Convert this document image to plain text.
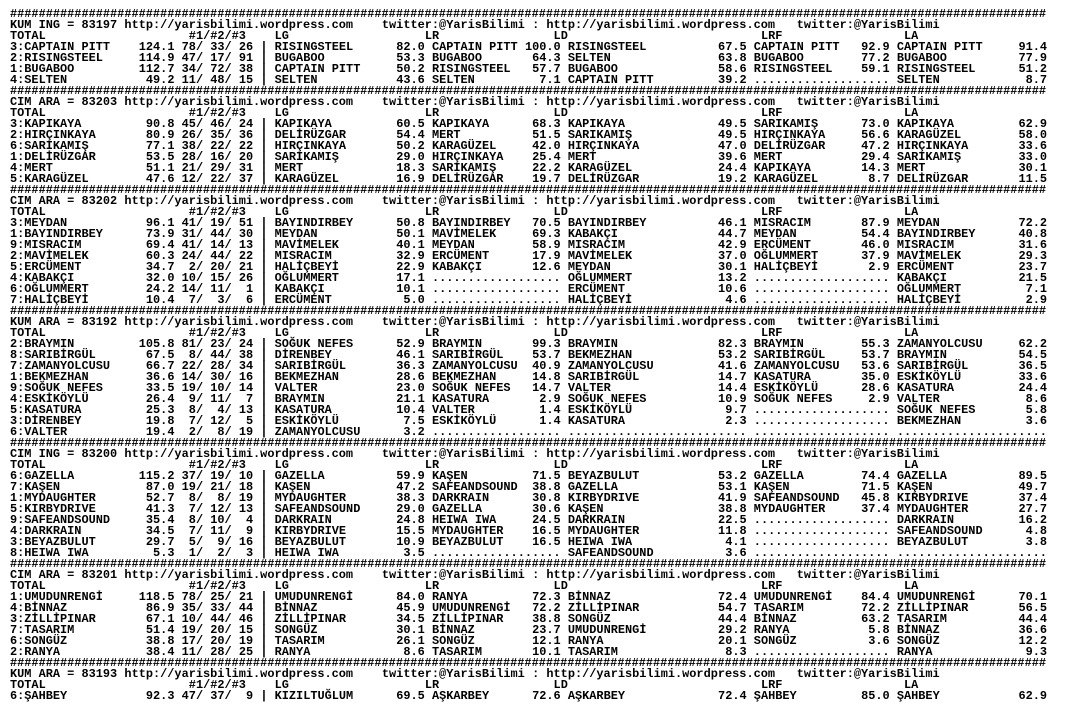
#################################################################################################################################################
KUM ING = 83197 http://yarisbilimi.wordpress.com twitter:@YarisBilimi : http://yarisbilimi.wordpress.com twitter:@YarisBilimi
TOTAL	#1/#2/#3 LG	LR	LD	LRF	LA
3:CAPTAIN PITT	124.1 78 /	33 /	26 | RISINGSTEEL	82.0 CAPTAIN PITT 100.0 RISINGSTEEL	67.5 CAPTAIN PITT	92.9 CAPTAIN PITT	91.4
2:RISINGSTEEL	114.9 47 /	17 /	91 | BUGABOO	53.3 BUGABOO	64.3 SELTEN	63.8 BUGABOO	77.2 BUGABOO	77.9
1:BUGABOO	112.7 34 /	72 /	38 | CAPTAIN PITT	50.2 RISINGSTEEL	57.7 BUGABOO	58.6 RISINGSTEEL	59.1 RISINGSTEEL	51.2
4:SELTEN	49.2 11 /	48 /	15 | SELTEN	43.6 SELTEN	7.1 CAPTAIN PITT	39.2 ................... SELTEN	8.7
#################################################################################################################################################
CIM ARA = 83203 http://yarisbilimi.wordpress.com twitter:@YarisBilimi : http://yarisbilimi.wordpress.com twitter:@YarisBilimi
TOTAL	#1/#2/#3 LG	LR	LD	LRF	LA
3:KAPIKAYA	90.8 45 /	46 /	24 | KAPIKAYA	60.5 KAPIKAYA	68.3 KAPIKAYA	49.5 SARIKAMIŞ	73.0 KAPIKAYA	62.9
2:HIRÇINKAYA	80.9 26 /	35 /	36 | DELİRÜZGAR	54.4 MERT	51.5 SARIKAMIŞ	49.5 HIRÇINKAYA	56.6 KARAGÜZEL	58.0
6:SARIKAMIŞ	77.1 38 /	22 /	22 | HIRÇINKAYA	50.2 KARAGÜZEL	42.0 HIRÇINKAYA	47.0 DELİRÜZGAR	47.2 HIRÇINKAYA	33.6
1:DELİRÜZGAR	53.5 28 /	16 /	20 | SARIKAMIŞ	29.0 HIRÇINKAYA	25.4 MERT	39.6 MERT	29.4 SARIKAMIŞ	33.0
4:MERT	51.1 21 /	29 /	31 | MERT	18.3 SARIKAMIŞ	22.2 KARAGÜZEL	24.4 KAPIKAYA	14.3 MERT	30.1
5:KARAGÜZEL	47.6 12 /	22 /	37 | KARAGÜZEL	16.9 DELİRÜZGAR	19.7 DELİRÜZGAR	19.2 KARAGÜZEL	8.7 DELİRÜZGAR	11.5
#################################################################################################################################################
CIM ARA = 83202 http://yarisbilimi.wordpress.com twitter:@YarisBilimi : http://yarisbilimi.wordpress.com twitter:@YarisBilimi
TOTAL	#1/#2/#3 LG	LR	LD	LRF	LA
3:MEYDAN	96.1 41 /	19 /	51 | BAYINDIRBEY	50.8 BAYINDIRBEY	70.5 BAYINDIRBEY	46.1 MISRACIM	87.9 MEYDAN	72.2
1:BAYINDIRBEY	73.9 31 /	44 /	30 | MEYDAN	50.1 MAVİMELEK	69.3 KABAKÇI	44.7 MEYDAN	54.4 BAYINDIRBEY	40.8
9:MISRACIM	69.4 41 /	14 /	13 | MAVİMELEK	40.1 MEYDAN	58.9 MISRACIM	42.9 ERCÜMENT	46.0 MISRACIM	31.6
2:MAVİMELEK	60.3 24 /	44 /	22 | MISRACIM	32.9 ERCÜMENT	17.9 MAVİMELEK	37.0 OĞLUMMERT	37.9 MAVİMELEK	29.3
5:ERCÜMENT	34.7	2 /	20 /	21 | HALİÇBEYİ	22.9 KABAKÇI	12.6 MEYDAN	30.1 HALİÇBEYİ	2.9 ERCÜMENT	23.7
4:KABAKÇI	32.0 10 /	15 /	26 | OĞLUMMERT	17.1 .................. OĞLUMMERT	13.2 ................... KABAKÇI	21.5
6:OĞLUMMERT	24.2 14 /	11 /	1 | KABAKÇI	10.1 .................. ERCÜMENT	10.6 ................... OĞLUMMERT	7.1
7:HALİÇBEYİ	10.4	7 /	3 /	6 | ERCÜMENT	5.0 .................. HALİÇBEYİ	4.6 ................... HALİÇBEYİ	2.9
#################################################################################################################################################
KUM ARA = 83192 http://yarisbilimi.wordpress.com twitter:@YarisBilimi : http://yarisbilimi.wordpress.com twitter:@YarisBilimi
TOTAL	#1/#2/#3 LG	LR	LD	LRF	LA
2:BRAYMIN	105.8 81 /	23 /	24 | SOĞUK NEFES	52.9 BRAYMIN	99.3 BRAYMIN	82.3 BRAYMIN	55.3 ZAMANYOLCUSU	62.2
8:SARIBİRGÜL	67.5	8 /	44 /	38 | DİRENBEY	46.1 SARIBİRGÜL	53.7 BEKMEZHAN	53.2 SARIBİRGÜL	53.7 BRAYMIN	54.5
7:ZAMANYOLCUSU	66.7 22 /	28 /	34 | SARIBİRGÜL	36.3 ZAMANYOLCUSU	40.9 ZAMANYOLCUSU	41.6 ZAMANYOLCUSU	53.6 SARIBİRGÜL	36.5
1:BEKMEZHAN	36.6 14 /	30 /	16 | BEKMEZHAN	28.6 BEKMEZHAN	14.8 SARIBİRGÜL	14.7 KASATURA	35.0 ESKİKÖYLÜ	33.6
9:SOĞUK NEFES	33.5 19 /	10 /	14 | VALTER	23.0 SOĞUK NEFES	14.7 VALTER	14.4 ESKİKÖYLÜ	28.6 KASATURA	24.4
4:ESKİKÖYLÜ	26.4	9 /	11 /	7 | BRAYMIN	21.1 KASATURA	2.9 SOĞUK NEFES	10.9 SOĞUK NEFES	2.9 VALTER	8.6
5:KASATURA	25.3	8 /	4 /	13 | KASATURA	10.4 VALTER	1.4 ESKİKÖYLÜ	9.7 ................... SOĞUK NEFES	5.8
3:DİRENBEY	19.8	7 /	12 /	5 | ESKİKÖYLÜ	7.5 ESKİKÖYLÜ	1.4 KASATURA	2.3 ................... BEKMEZHAN	3.6
6:VALTER	19.4	2 /	8 /	19 | ZAMANYOLCUSU	3.2 .................. ......................... ................... .....................
#################################################################################################################################################
CIM ING = 83200 http://yarisbilimi.wordpress.com twitter:@YarisBilimi : http://yarisbilimi.wordpress.com twitter:@YarisBilimi
TOTAL	#1/#2/#3 LG	LR	LD	LRF	LA
6:GAZELLA	115.2 37 /	19 /	10 | GAZELLA	59.9 KAŞEN	71.5 BEYAZBULUT	53.2 GAZELLA	74.4 GAZELLA	89.5
7:KAŞEN	87.0 19 /	21 /	18 | KAŞEN	47.2 SAFEANDSOUND	38.8 GAZELLA	53.1 KAŞEN	71.5 KAŞEN	49.7
1:MYDAUGHTER	52.7	8 /	8 /	19 | MYDAUGHTER	38.3 DARKRAIN	30.8 KIRBYDRIVE	41.9 SAFEANDSOUND	45.8 KIRBYDRIVE	37.4
5:KIRBYDRIVE	41.3	7 /	12 /	13 | SAFEANDSOUND	29.0 GAZELLA	30.6 KAŞEN	38.8 MYDAUGHTER	37.4 MYDAUGHTER	27.7
9:SAFEANDSOUND	35.4	8 /	10 /	4 | DARKRAIN	24.8 HEIWA IWA	24.5 DARKRAIN	22.5 ................... DARKRAIN	16.2
4:DARKRAIN	34.5	7 /	11 /	9 | KIRBYDRIVE	15.5 MYDAUGHTER	16.5 MYDAUGHTER	11.8 ................... SAFEANDSOUND	4.8
3:BEYAZBULUT	29.7	5 /	9 /	16 | BEYAZBULUT	10.9 BEYAZBULUT	16.5 HEIWA IWA	4.1 ................... BEYAZBULUT	3.8
8:HEIWA IWA	5.3	1 /	2 /	3 | HEIWA IWA	3.5 .................. SAFEANDSOUND	3.6 ................... .....................
#################################################################################################################################################
CIM ARA = 83201 http://yarisbilimi.wordpress.com twitter:@YarisBilimi : http://yarisbilimi.wordpress.com twitter:@YarisBilimi
TOTAL	#1/#2/#3 LG	LR	LD	LRF	LA
1:UMUDUNRENGİ	118.5 78 /	25 /	21 | UMUDUNRENGİ	84.0 RANYA	72.3 BİNNAZ	72.4 UMUDUNRENGİ	84.4 UMUDUNRENGİ	70.1
4:BİNNAZ	86.9 35 /	33 /	44 | BİNNAZ	45.9 UMUDUNRENGİ	72.2 ZİLLİPINAR	54.7 TASARIM	72.2 ZİLLİPINAR	56.5
3:ZİLLİPINAR	67.1 10 /	44 /	46 | ZİLLİPINAR	34.5 ZİLLİPINAR	38.8 SONGÜZ	44.4 BİNNAZ	63.2 TASARIM	44.4
7:TASARIM	51.4 19 /	20 /	15 | SONGÜZ	30.1 BİNNAZ	23.7 UMUDUNRENGİ	29.2 RANYA	5.8 BİNNAZ	36.6
6:SONGÜZ	38.8 17 /	20 /	19 | TASARIM	26.1 SONGÜZ	12.1 RANYA	20.1 SONGÜZ	3.6 SONGÜZ	12.2
2:RANYA	38.4 11 /	28 /	25 | RANYA	8.6 TASARIM	10.1 TASARIM	8.3 ................... RANYA	9.3
#################################################################################################################################################
KUM ARA = 83193 http://yarisbilimi.wordpress.com twitter:@YarisBilimi : http://yarisbilimi.wordpress.com twitter:@YarisBilimi
TOTAL	#1/#2/#3 LG	LR	LD	LRF	LA
6:ŞAHBEY	92.3 47 /	37 /	9 | KIZILTUĞLUM	69.5 AŞKARBEY	72.6 AŞKARBEY	72.4 ŞAHBEY	85.0 ŞAHBEY	62.9
